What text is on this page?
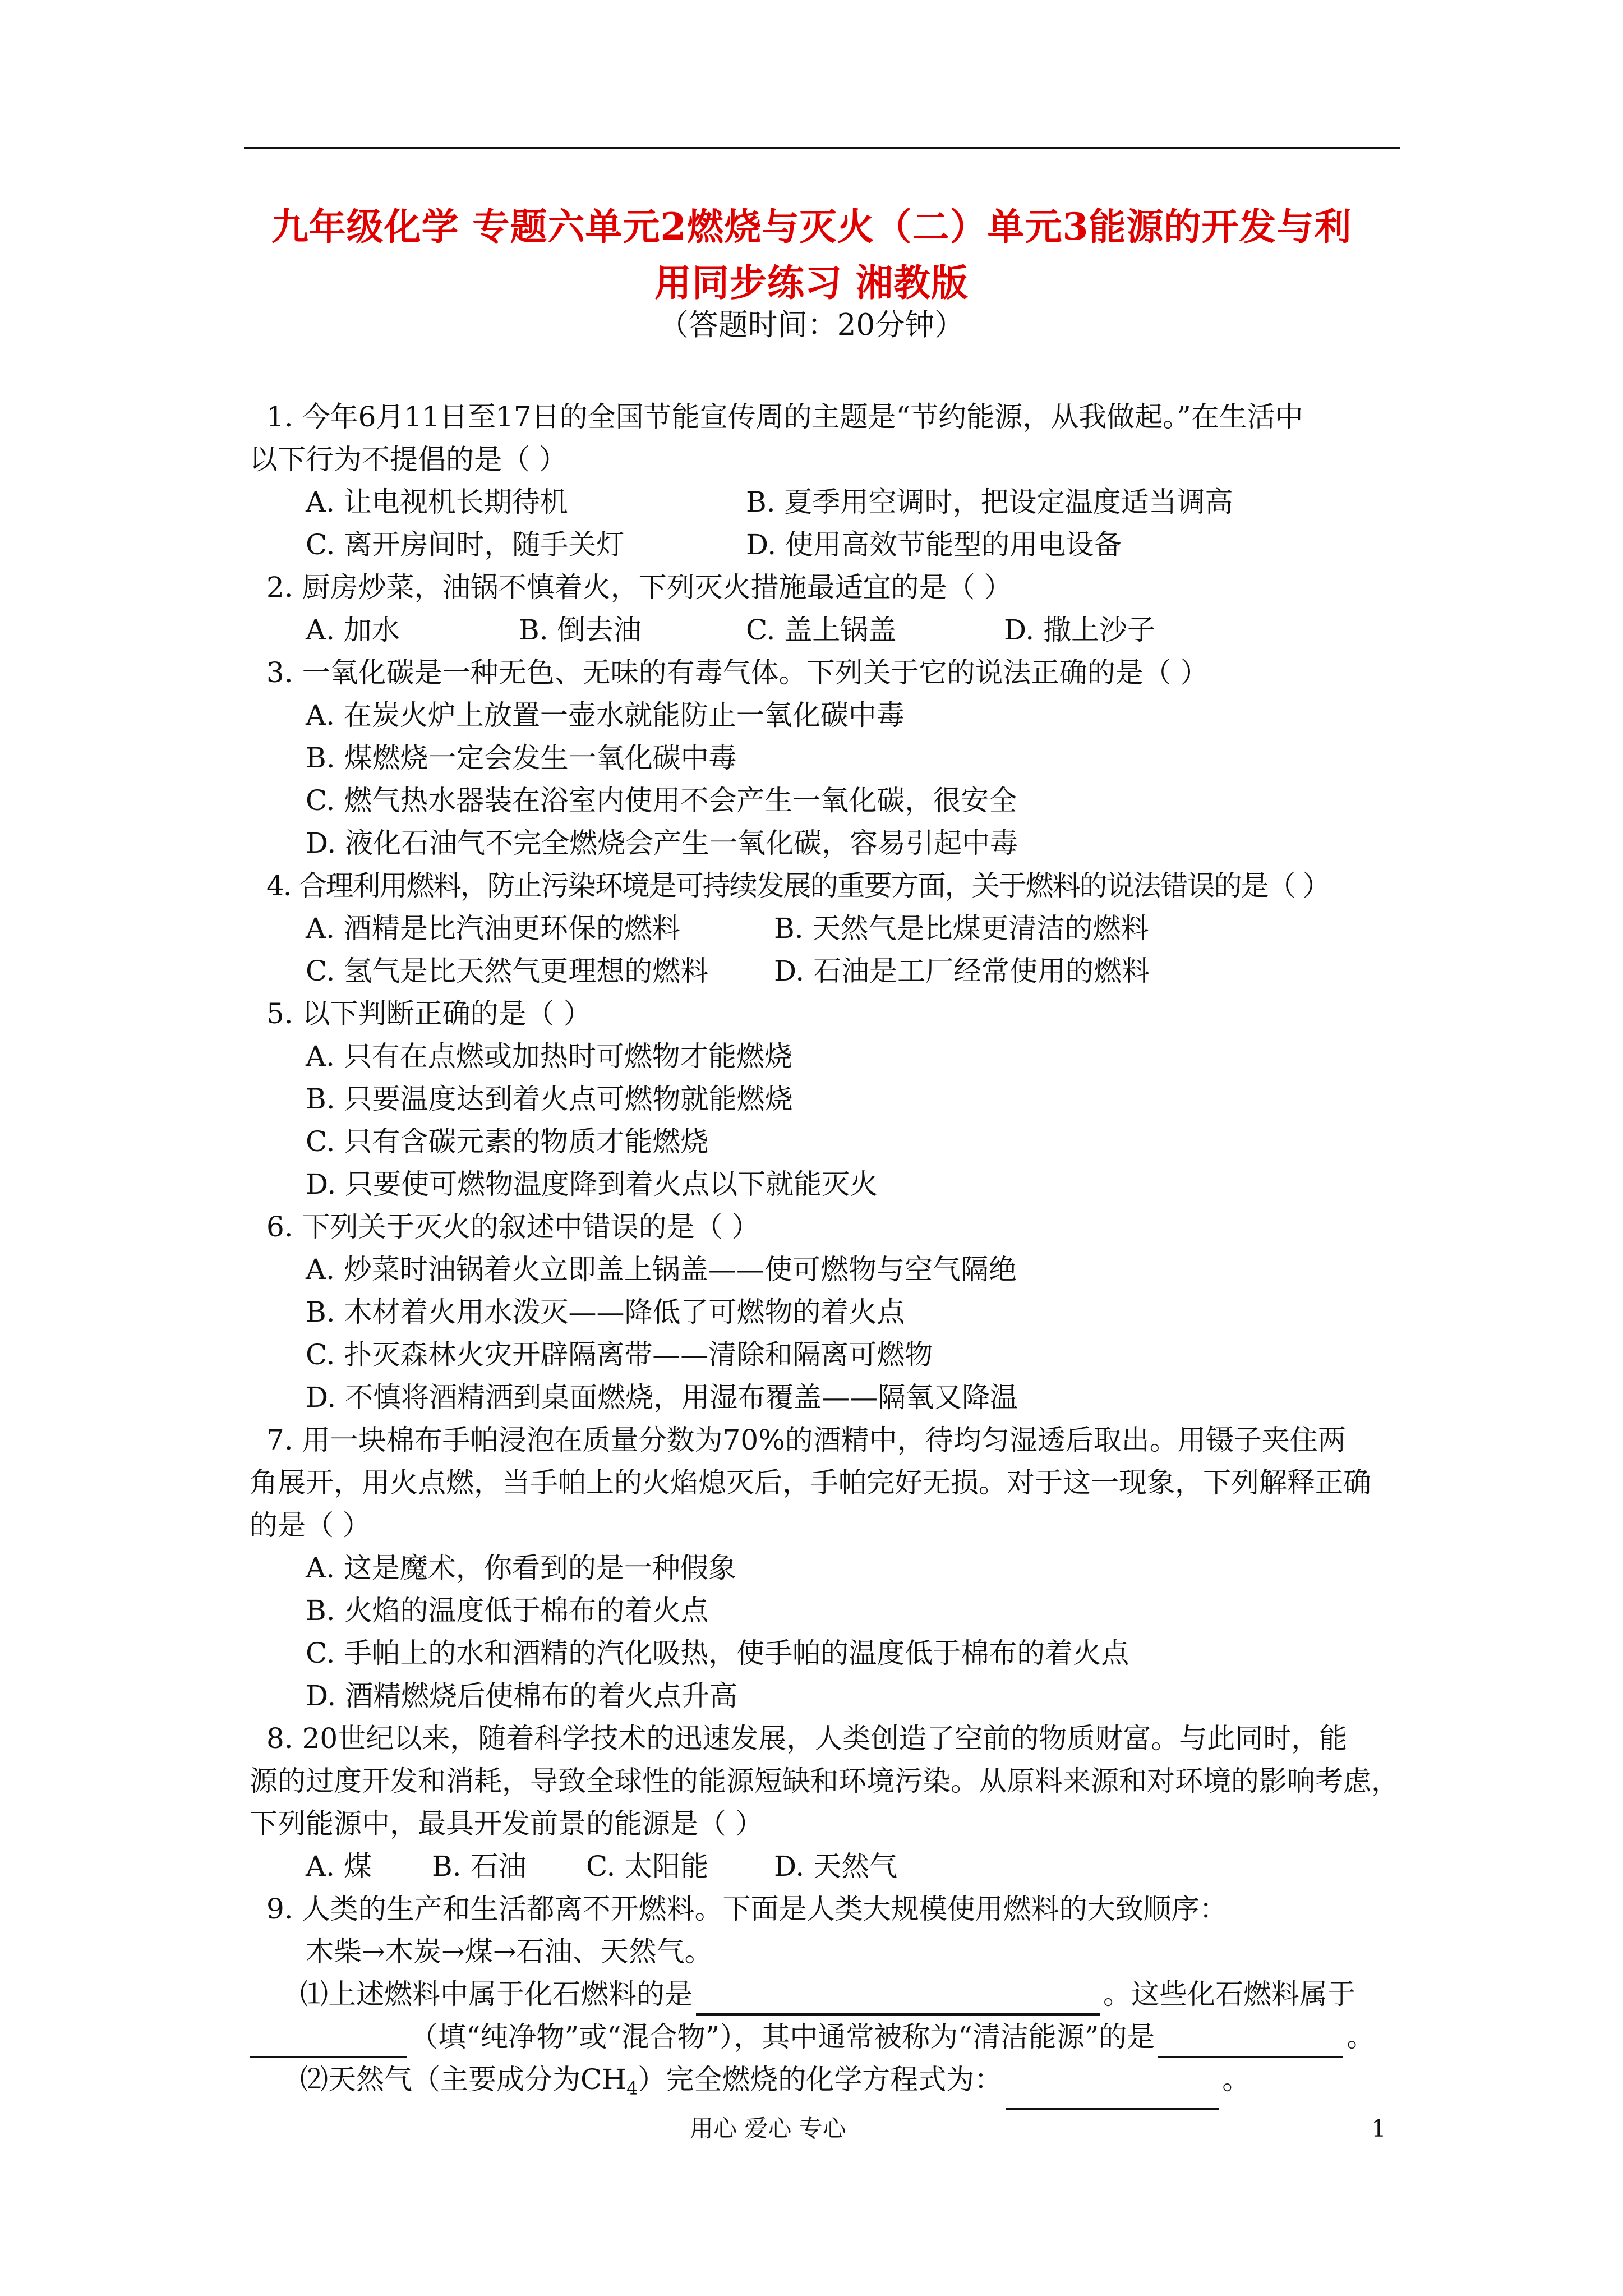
九年级化学 专题六单元2燃烧与灭火（二）单元3能源的开发与利
用同步练习 湘教版
（答题时间：20分钟）
1. 今年6月11日至17日的全国节能宣传周的主题是“节约能源，从我做起。”在生活中
以下行为不提倡的是（ ）
A. 让电视机长期待机	B. 夏季用空调时，把设定温度适当调高
C. 离开房间时，随手关灯	D. 使用高效节能型的用电设备
2. 厨房炒菜，油锅不慎着火，下列灭火措施最适宜的是（ ）
A. 加水	B. 倒去油	C. 盖上锅盖	D. 撒上沙子
3. 一氧化碳是一种无色、无味的有毒气体。下列关于它的说法正确的是（ ）
A. 在炭火炉上放置一壶水就能防止一氧化碳中毒
B. 煤燃烧一定会发生一氧化碳中毒
C. 燃气热水器装在浴室内使用不会产生一氧化碳，很安全
D. 液化石油气不完全燃烧会产生一氧化碳，容易引起中毒
4. 合理利用燃料，防止污染环境是可持续发展的重要方面，关于燃料的说法错误的是（ ）
A. 酒精是比汽油更环保的燃料	B. 天然气是比煤更清洁的燃料
C. 氢气是比天然气更理想的燃料 D. 石油是工厂经常使用的燃料
5. 以下判断正确的是（ ）
A. 只有在点燃或加热时可燃物才能燃烧
B. 只要温度达到着火点可燃物就能燃烧
C. 只有含碳元素的物质才能燃烧
D. 只要使可燃物温度降到着火点以下就能灭火
6. 下列关于灭火的叙述中错误的是（ ）
A. 炒菜时油锅着火立即盖上锅盖——使可燃物与空气隔绝
B. 木材着火用水泼灭——降低了可燃物的着火点
C. 扑灭森林火灾开辟隔离带——清除和隔离可燃物
D. 不慎将酒精洒到桌面燃烧，用湿布覆盖——隔氧又降温
7. 用一块棉布手帕浸泡在质量分数为70%的酒精中，待均匀湿透后取出。用镊子夹住两
角展开，用火点燃，当手帕上的火焰熄灭后，手帕完好无损。对于这一现象，下列解释正确
的是（ ）
A. 这是魔术，你看到的是一种假象
B. 火焰的温度低于棉布的着火点
C. 手帕上的水和酒精的汽化吸热，使手帕的温度低于棉布的着火点
D. 酒精燃烧后使棉布的着火点升高
8. 20世纪以来，随着科学技术的迅速发展，人类创造了空前的物质财富。与此同时，能
源的过度开发和消耗，导致全球性的能源短缺和环境污染。从原料来源和对环境的影响考虑，
下列能源中，最具开发前景的能源是（ ）
A. 煤 B. 石油 C. 太阳能 D. 天然气
9. 人类的生产和生活都离不开燃料。下面是人类大规模使用燃料的大致顺序：
木柴→木炭→煤→石油、天然气。
⑴上述燃料中属于化石燃料的是	。这些化石燃料属于
（填“纯净物”或“混合物”），其中通常被称为“清洁能源”的是	。
⑵天然气（主要成分为$CH_4$）完全燃烧的化学方程式为：	。
用心 爱心 专心	1
